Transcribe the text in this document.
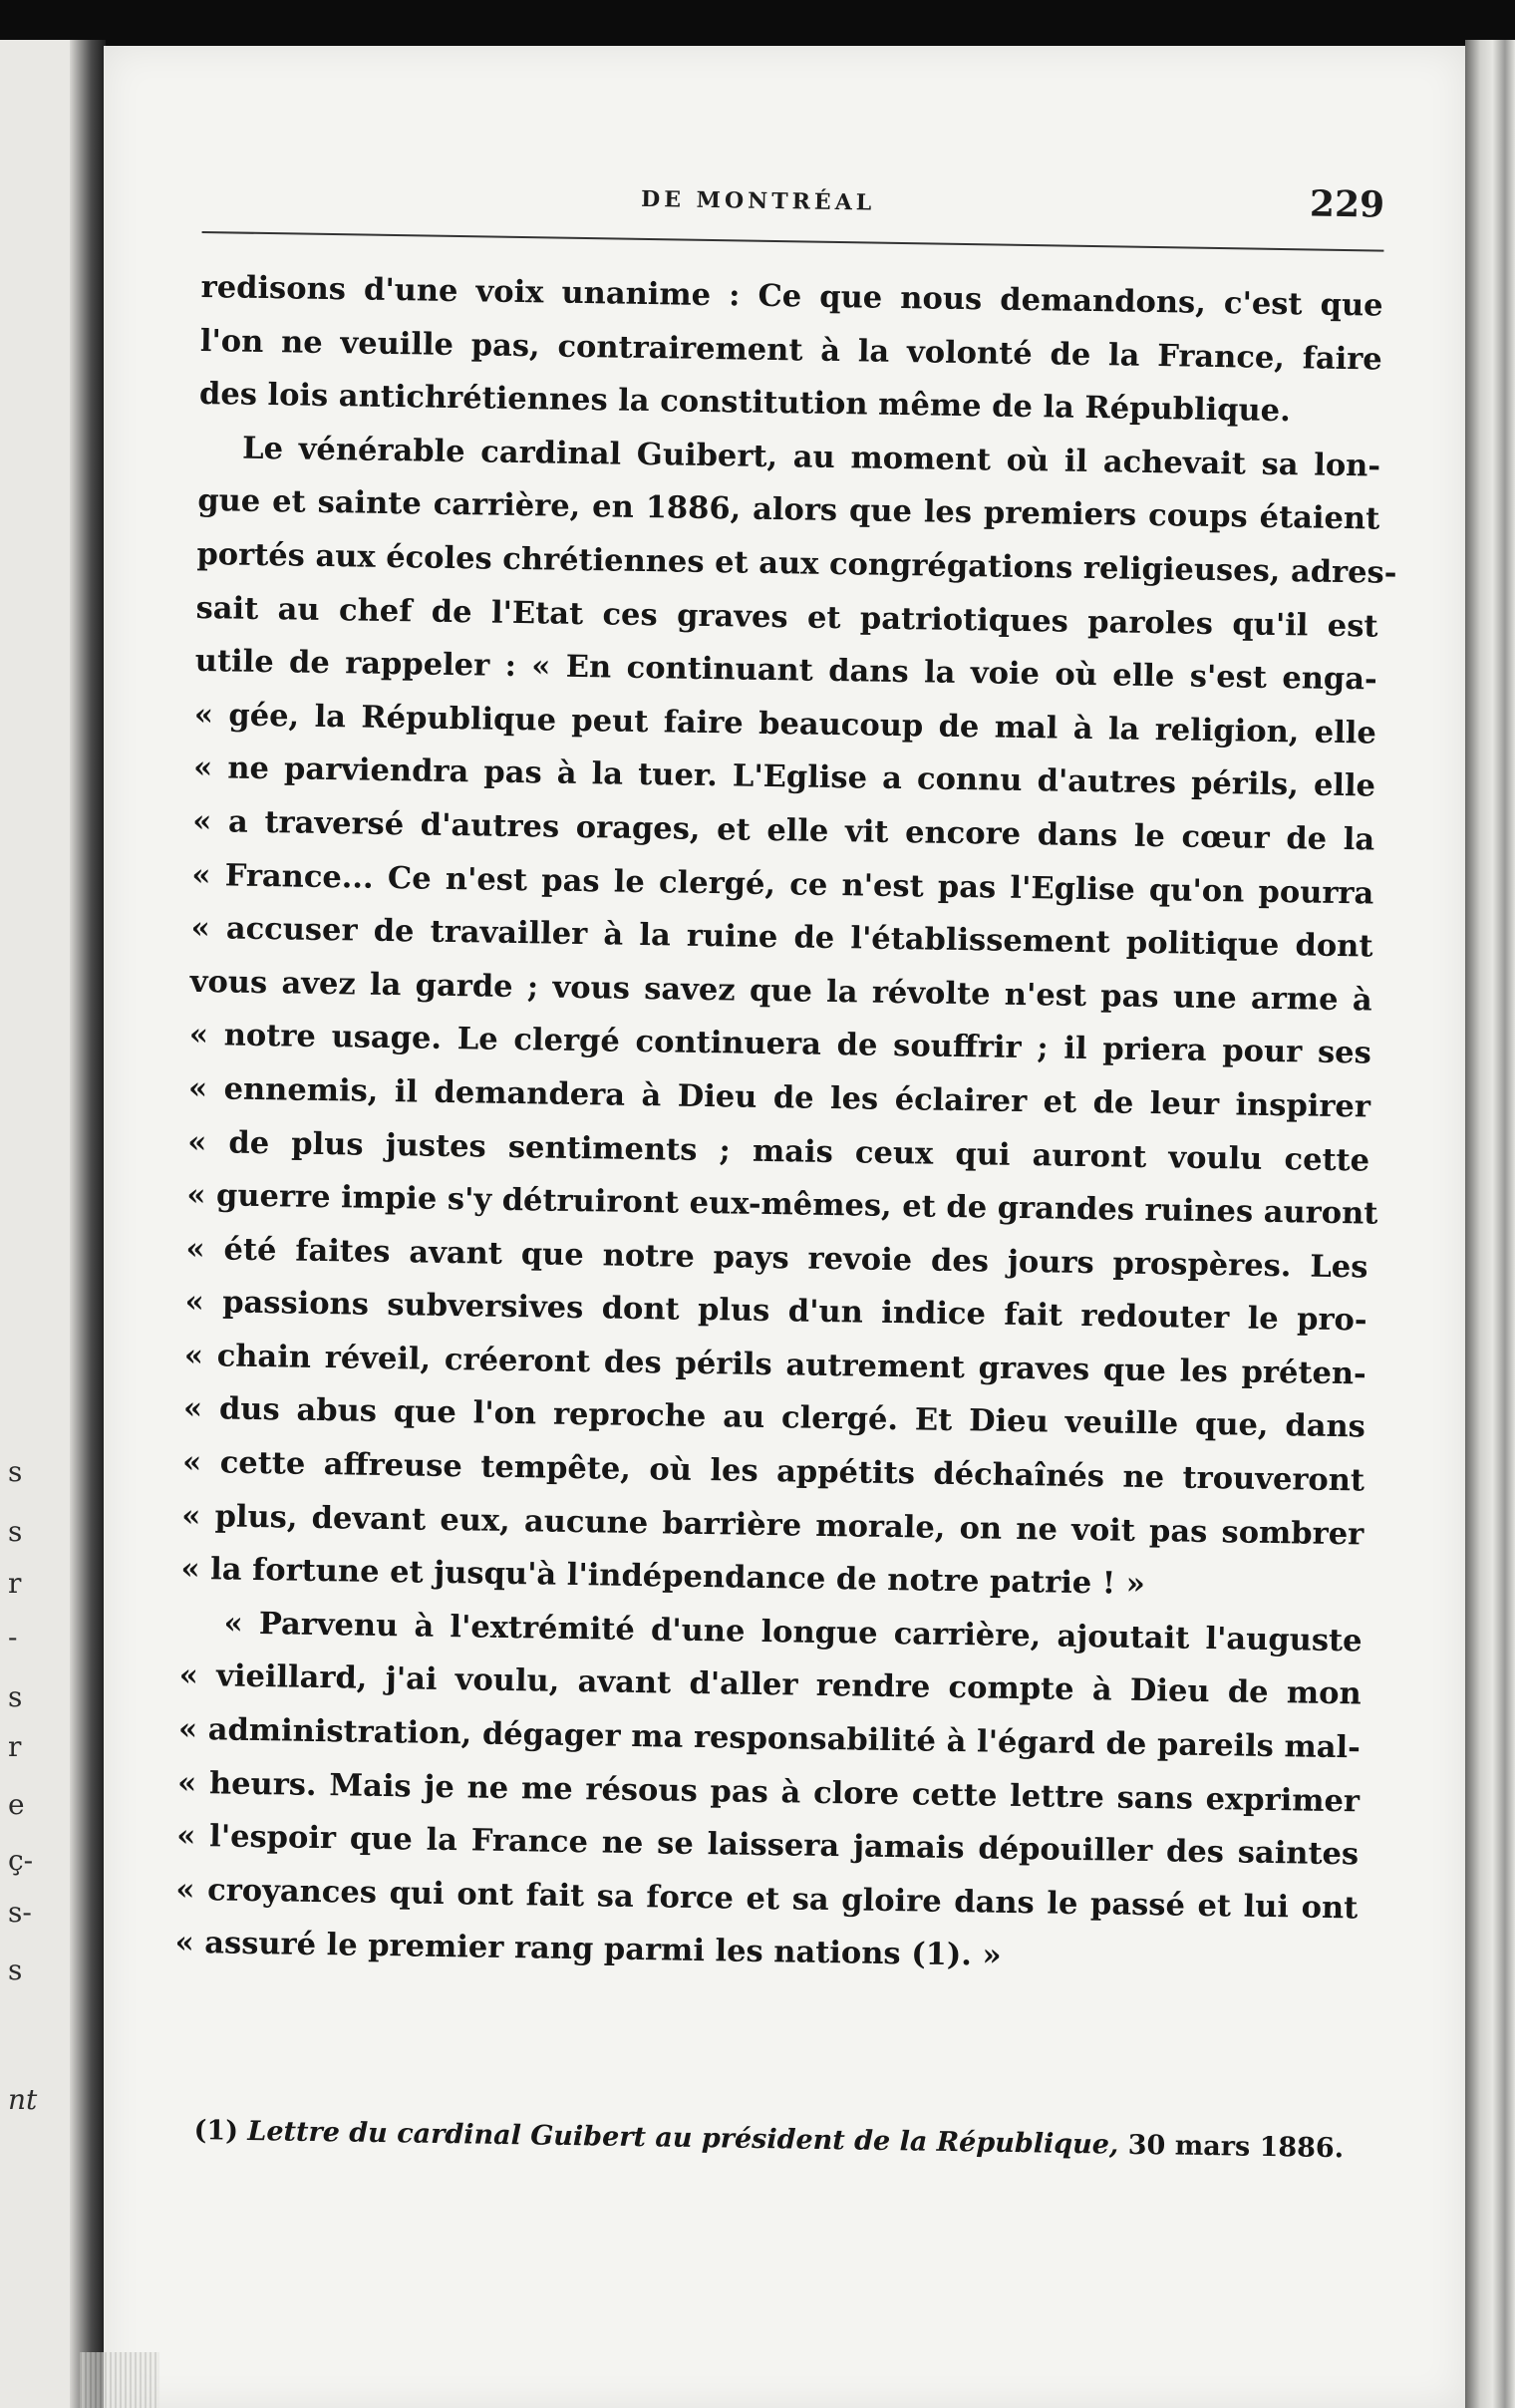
s
s
r
-
s
r
e
ç-
s-
s
nt
DE MONTRÉAL	229
redisons d'une voix unanime : Ce que nous demandons, c'est que
l'on ne veuille pas, contrairement à la volonté de la France, faire
des lois antichrétiennes la constitution même de la République.
Le vénérable cardinal Guibert, au moment où il achevait sa lon-
gue et sainte carrière, en 1886, alors que les premiers coups étaient
portés aux écoles chrétiennes et aux congrégations religieuses, adres-
sait au chef de l'Etat ces graves et patriotiques paroles qu'il est
utile de rappeler : « En continuant dans la voie où elle s'est enga-
« gée, la République peut faire beaucoup de mal à la religion, elle
« ne parviendra pas à la tuer. L'Eglise a connu d'autres périls, elle
« a traversé d'autres orages, et elle vit encore dans le cœur de la
« France... Ce n'est pas le clergé, ce n'est pas l'Eglise qu'on pourra
« accuser de travailler à la ruine de l'établissement politique dont
vous avez la garde ; vous savez que la révolte n'est pas une arme à
« notre usage. Le clergé continuera de souffrir ; il priera pour ses
« ennemis, il demandera à Dieu de les éclairer et de leur inspirer
« de plus justes sentiments ; mais ceux qui auront voulu cette
« guerre impie s'y détruiront eux-mêmes, et de grandes ruines auront
« été faites avant que notre pays revoie des jours prospères. Les
« passions subversives dont plus d'un indice fait redouter le pro-
« chain réveil, créeront des périls autrement graves que les préten-
« dus abus que l'on reproche au clergé. Et Dieu veuille que, dans
« cette affreuse tempête, où les appétits déchaînés ne trouveront
« plus, devant eux, aucune barrière morale, on ne voit pas sombrer
« la fortune et jusqu'à l'indépendance de notre patrie ! »
« Parvenu à l'extrémité d'une longue carrière, ajoutait l'auguste
« vieillard, j'ai voulu, avant d'aller rendre compte à Dieu de mon
« administration, dégager ma responsabilité à l'égard de pareils mal-
« heurs. Mais je ne me résous pas à clore cette lettre sans exprimer
« l'espoir que la France ne se laissera jamais dépouiller des saintes
« croyances qui ont fait sa force et sa gloire dans le passé et lui ont
« assuré le premier rang parmi les nations (1). »
(1) Lettre du cardinal Guibert au président de la République, 30 mars 1886.
